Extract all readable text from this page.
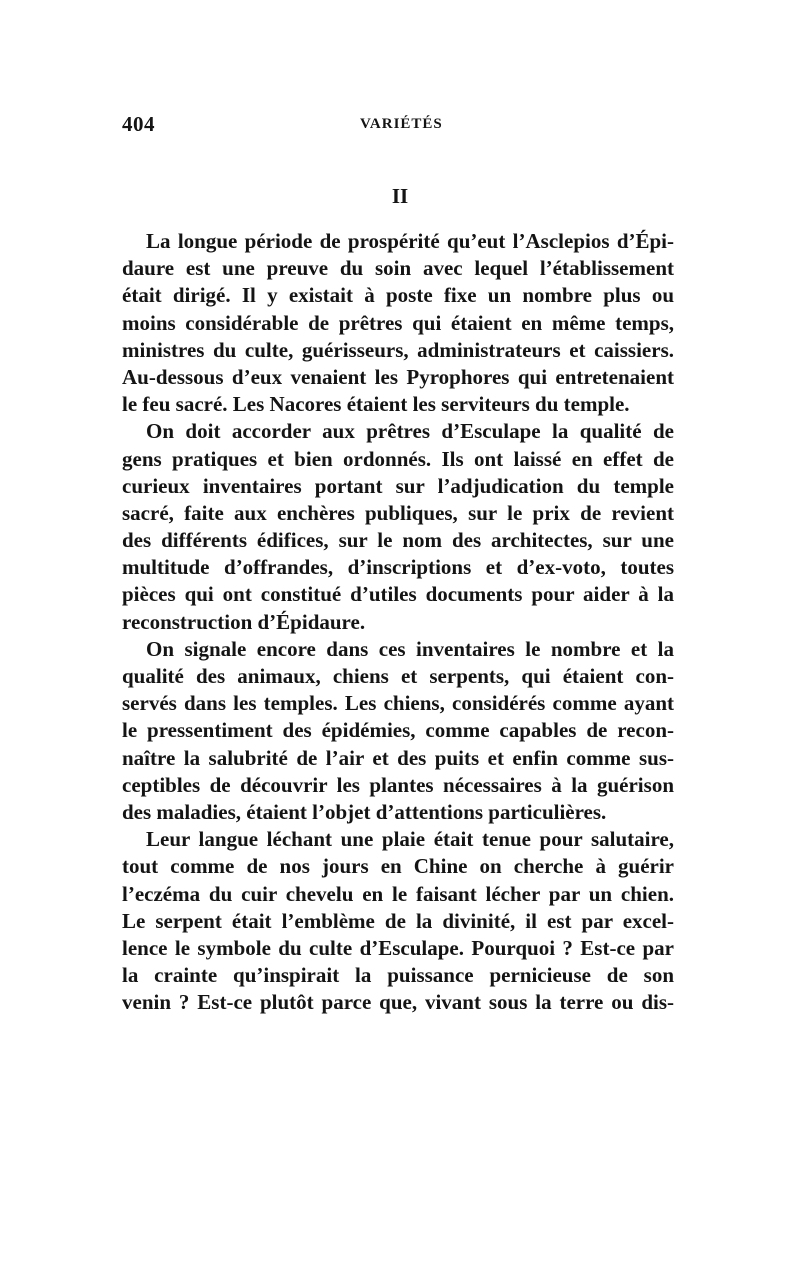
404	VARIÉTÉS
II

La longue période de prospérité qu’eut l’Asclepios d’Épi-
daure est une preuve du soin avec lequel l’établissement
était dirigé. Il y existait à poste fixe un nombre plus ou
moins considérable de prêtres qui étaient en même temps,
ministres du culte, guérisseurs, administrateurs et caissiers.
Au-dessous d’eux venaient les Pyrophores qui entretenaient
le feu sacré. Les Nacores étaient les serviteurs du temple.

On doit accorder aux prêtres d’Esculape la qualité de
gens pratiques et bien ordonnés. Ils ont laissé en effet de
curieux inventaires portant sur l’adjudication du temple
sacré, faite aux enchères publiques, sur le prix de revient
des différents édifices, sur le nom des architectes, sur une
multitude d’offrandes, d’inscriptions et d’ex-voto, toutes
pièces qui ont constitué d’utiles documents pour aider à la
reconstruction d’Épidaure.

On signale encore dans ces inventaires le nombre et la
qualité des animaux, chiens et serpents, qui étaient con-
servés dans les temples. Les chiens, considérés comme ayant
le pressentiment des épidémies, comme capables de recon-
naître la salubrité de l’air et des puits et enfin comme sus-
ceptibles de découvrir les plantes nécessaires à la guérison
des maladies, étaient l’objet d’attentions particulières.

Leur langue léchant une plaie était tenue pour salutaire,
tout comme de nos jours en Chine on cherche à guérir
l’eczéma du cuir chevelu en le faisant lécher par un chien.
Le serpent était l’emblème de la divinité, il est par excel-
lence le symbole du culte d’Esculape. Pourquoi ? Est-ce par
la crainte qu’inspirait la puissance pernicieuse de son
venin ? Est-ce plutôt parce que, vivant sous la terre ou dis-
